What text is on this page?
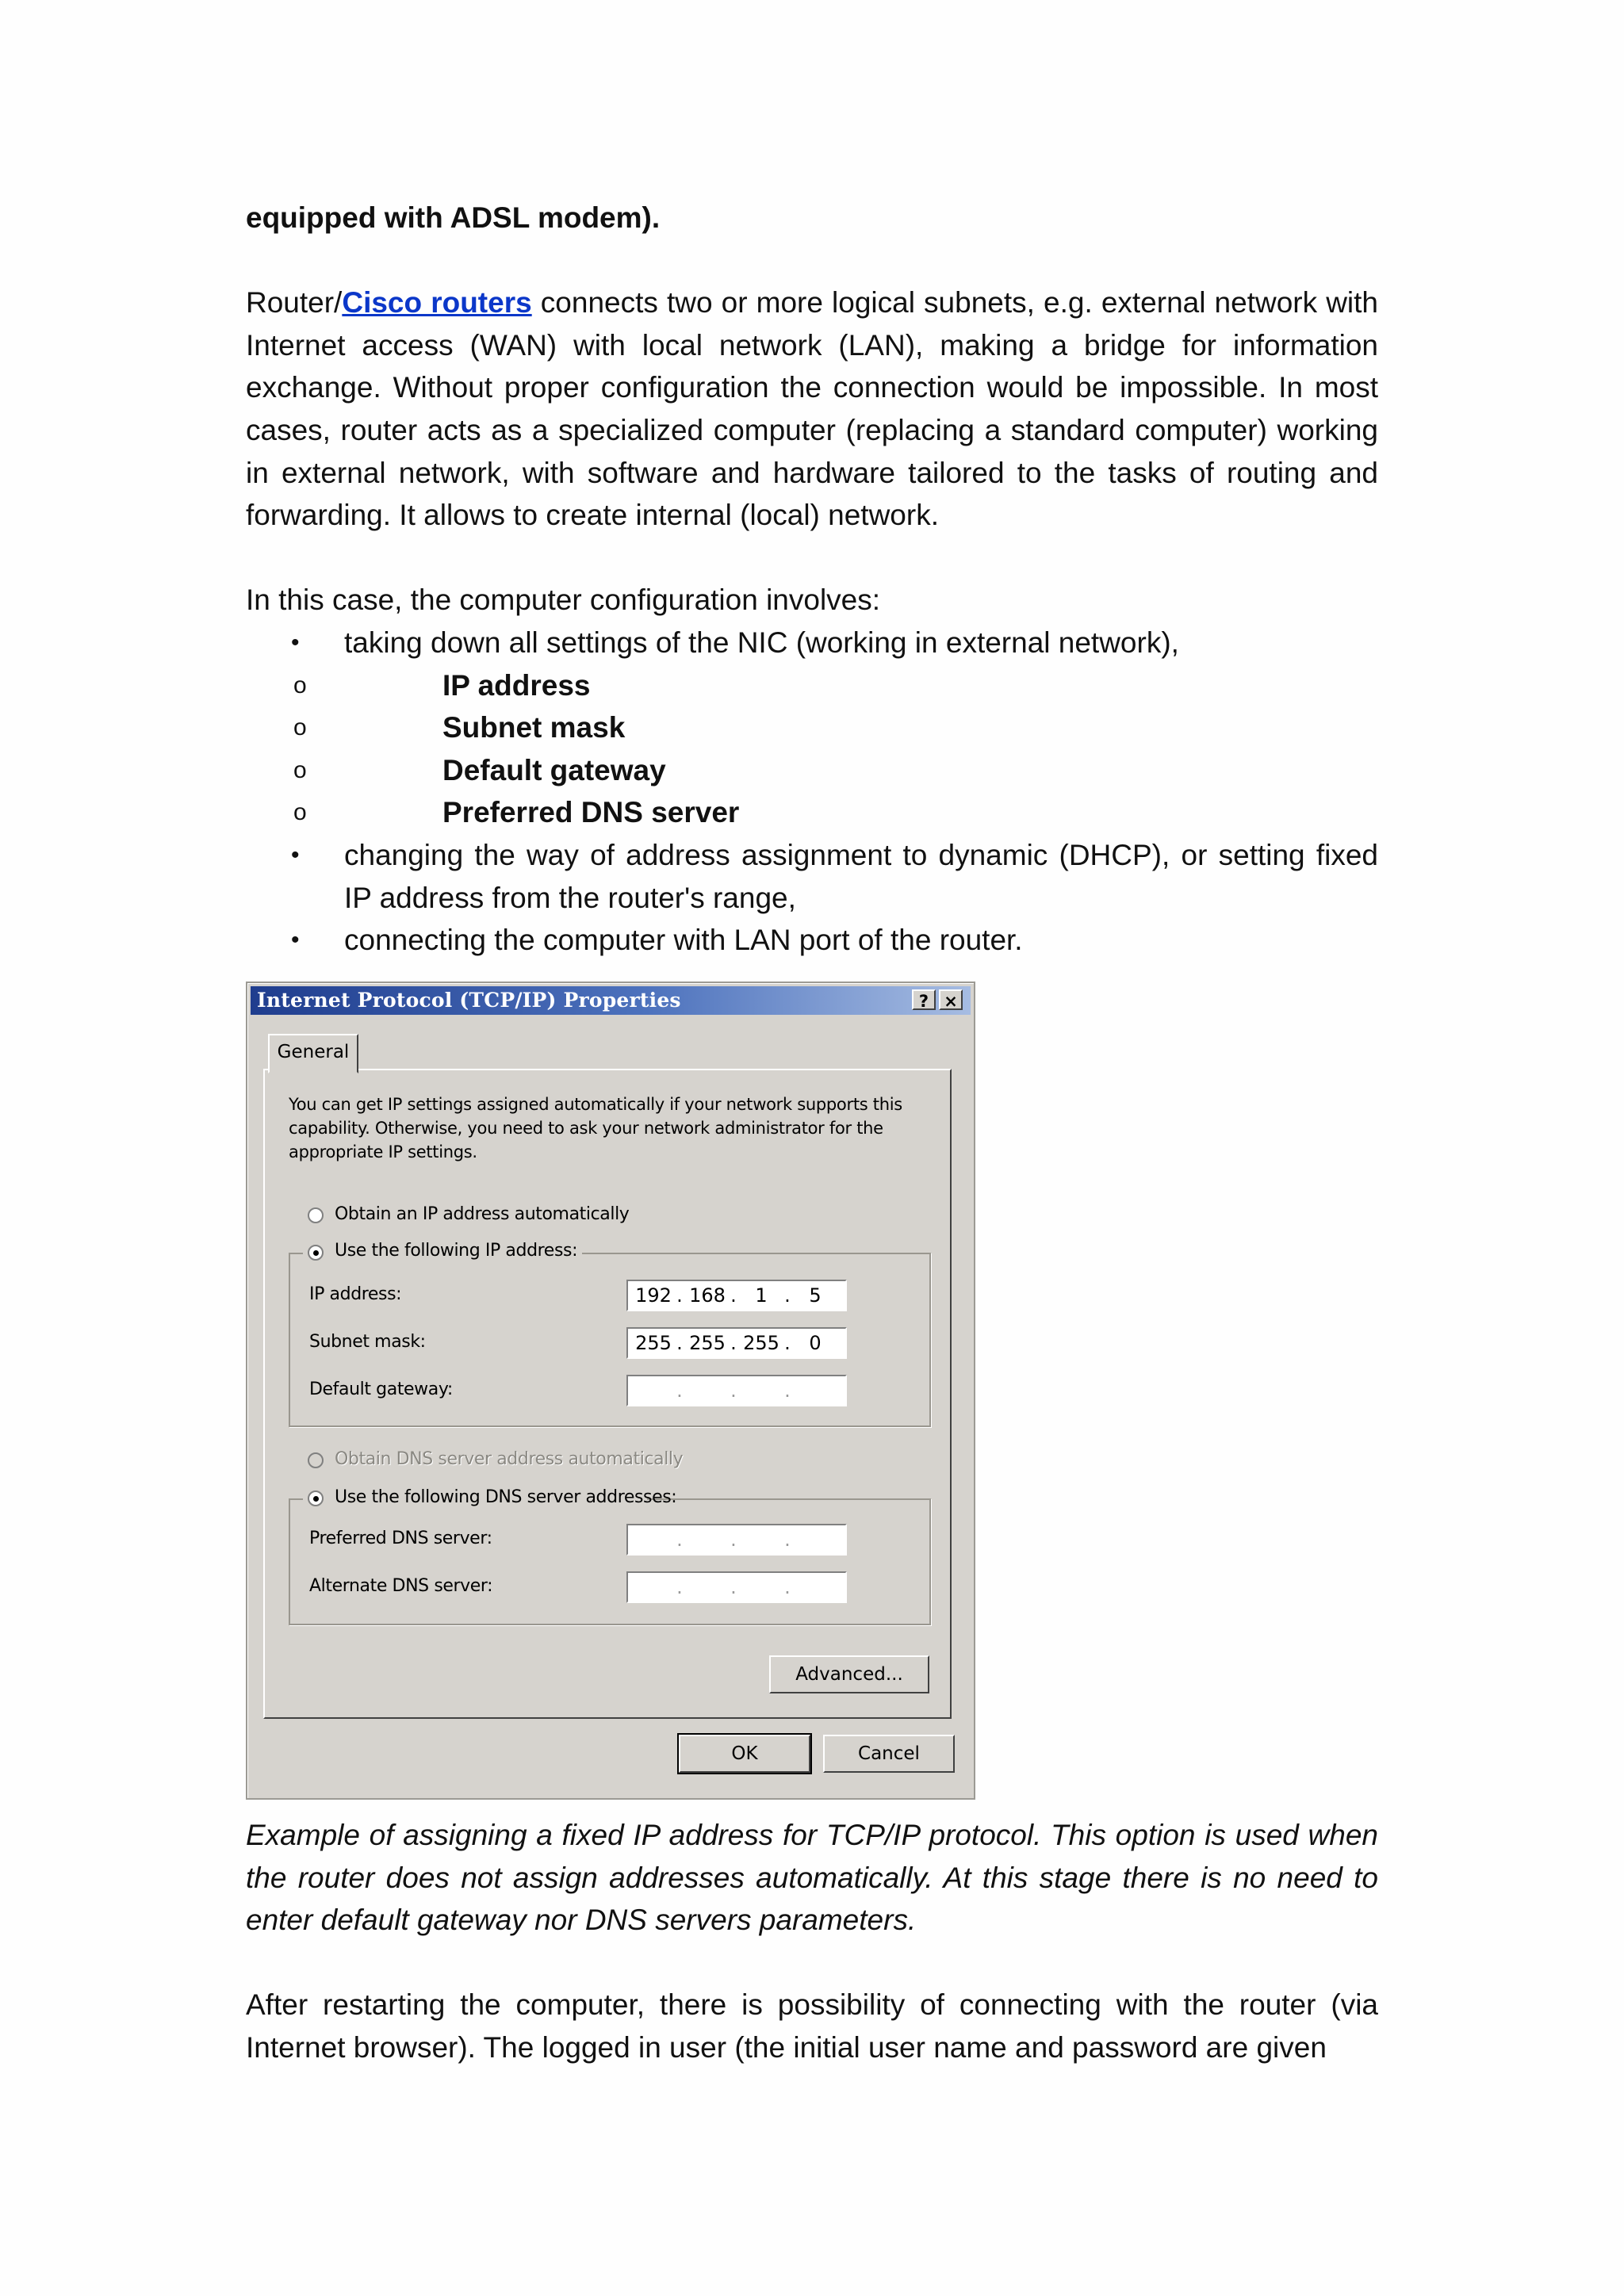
equipped with ADSL modem).

Router/Cisco routers connects two or more logical subnets, e.g. external network with Internet access (WAN) with local network (LAN), making a bridge for information exchange. Without proper configuration the connection would be impossible. In most cases, router acts as a specialized computer (replacing a standard computer) working in external network, with software and hardware tailored to the tasks of routing and forwarding. It allows to create internal (local) network.

In this case, the computer configuration involves:

• taking down all settings of the NIC (working in external network),
o	IP address
o	Subnet mask
o	Default gateway
o	Preferred DNS server
• changing the way of address assignment to dynamic (DHCP), or setting fixed IP address from the router's range,
• connecting the computer with LAN port of the router.
Internet Protocol (TCP/IP) Properties	? ×
General
You can get IP settings assigned automatically if your network supports this capability. Otherwise, you need to ask your network administrator for the appropriate IP settings.
Obtain an IP address automatically
Use the following IP address:
IP address:	192 . 168 . 1 . 5
Subnet mask:	255 . 255 . 255 . 0
Default gateway:	.	.	.
Obtain DNS server address automatically
Use the following DNS server addresses:
Preferred DNS server:	.	.	.
Alternate DNS server:	.	.	.
Advanced...
OK	Cancel

Example of assigning a fixed IP address for TCP/IP protocol. This option is used when the router does not assign addresses automatically. At this stage there is no need to enter default gateway nor DNS servers parameters.

After restarting the computer, there is possibility of connecting with the router (via Internet browser). The logged in user (the initial user name and password are given
